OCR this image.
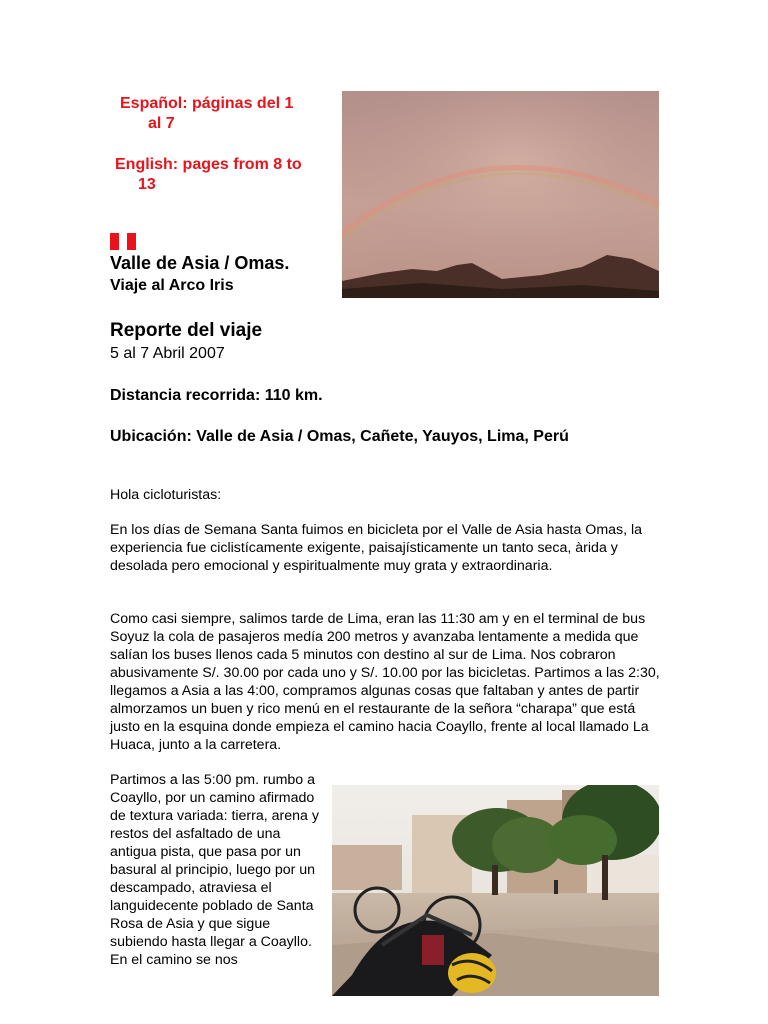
Español: páginas del 1
al 7
English: pages from 8 to
13
Valle de Asia / Omas.
Viaje al Arco Iris
Reporte del viaje
5 al 7 Abril 2007
Distancia recorrida: 110 km.
Ubicación: Valle de Asia / Omas, Cañete, Yauyos, Lima, Perú
Hola cicloturistas:
En los días de Semana Santa fuimos en bicicleta por el Valle de Asia hasta Omas, la experiencia fue ciclistícamente exigente, paisajísticamente un tanto seca, àrida y desolada pero emocional y espiritualmente muy grata y extraordinaria.
Como casi siempre, salimos tarde de Lima, eran las 11:30 am y en el terminal de bus Soyuz la cola de pasajeros medía 200 metros y avanzaba lentamente a medida que salían los buses llenos cada 5 minutos con destino al sur de Lima. Nos cobraron abusivamente S/. 30.00 por cada uno y S/. 10.00 por las bicicletas. Partimos a las 2:30, llegamos a Asia a las 4:00, compramos algunas cosas que faltaban y antes de partir almorzamos un buen y rico menú en el restaurante de la señora “charapa” que está justo en la esquina donde empieza el camino hacia Coayllo, frente al local llamado La Huaca, junto a la carretera.
Partimos a las 5:00 pm. rumbo a Coayllo, por un camino afirmado de textura variada: tierra, arena y restos del asfaltado de una antigua pista, que pasa por un basural al principio, luego por un descampado, atraviesa el languidecente poblado de Santa Rosa de Asia y que sigue subiendo hasta llegar a Coayllo. En el camino se nos
